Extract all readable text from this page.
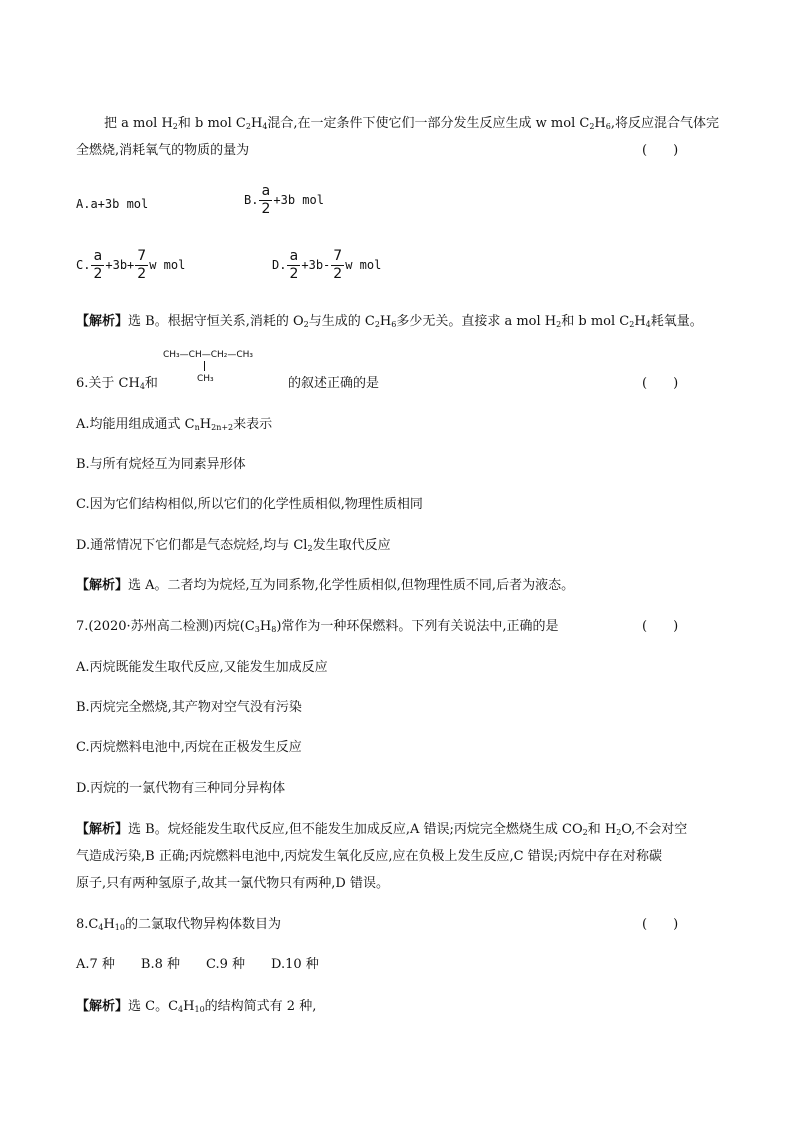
把 a mol $H_2$和 b mol $C_2H_4$混合,在一定条件下使它们一部分发生反应生成 w mol $C_2H_6$,将反应混合气体完
全燃烧,消耗氧气的物质的量为	(　　)
A.a+3b mol	B. $\frac{a}{2} +3b$ mol
C. $\frac{a}{2} +3b+ \frac{7}{2}$ w mol	D. $\frac{a}{2} +3b- \frac{7}{2}$ w mol
【解析】选 B。根据守恒关系,消耗的 $O_2$与生成的 $C_2H_6$多少无关。直接求 a mol $H_2$和 b mol $C_2H_4$耗氧量。
CH₃—CH—CH₂—CH₃
CH₃
6.关于 $CH_4$和	的叙述正确的是	(　　)
A.均能用组成通式 $C_nH_{2n+2}$来表示
B.与所有烷烃互为同素异形体
C.因为它们结构相似,所以它们的化学性质相似,物理性质相同
D.通常情况下它们都是气态烷烃,均与 $Cl_2$发生取代反应
【解析】选 A。二者均为烷烃,互为同系物,化学性质相似,但物理性质不同,后者为液态。
7.(2020·苏州高二检测)丙烷$(C_3H_8)$常作为一种环保燃料。下列有关说法中,正确的是	(　　)
A.丙烷既能发生取代反应,又能发生加成反应
B.丙烷完全燃烧,其产物对空气没有污染
C.丙烷燃料电池中,丙烷在正极发生反应
D.丙烷的一氯代物有三种同分异构体
【解析】选 B。烷烃能发生取代反应,但不能发生加成反应,A 错误;丙烷完全燃烧生成 $CO_2$和 $H_2O$,不会对空
气造成污染,B 正确;丙烷燃料电池中,丙烷发生氧化反应,应在负极上发生反应,C 错误;丙烷中存在对称碳
原子,只有两种氢原子,故其一氯代物只有两种,D 错误。
$8.C_4H_{10}$的二氯取代物异构体数目为	(　　)
A.7 种　　B.8 种　　C.9 种　　D.10 种
【解析】选 C。$C_4H_{10}$的结构简式有 2 种,
